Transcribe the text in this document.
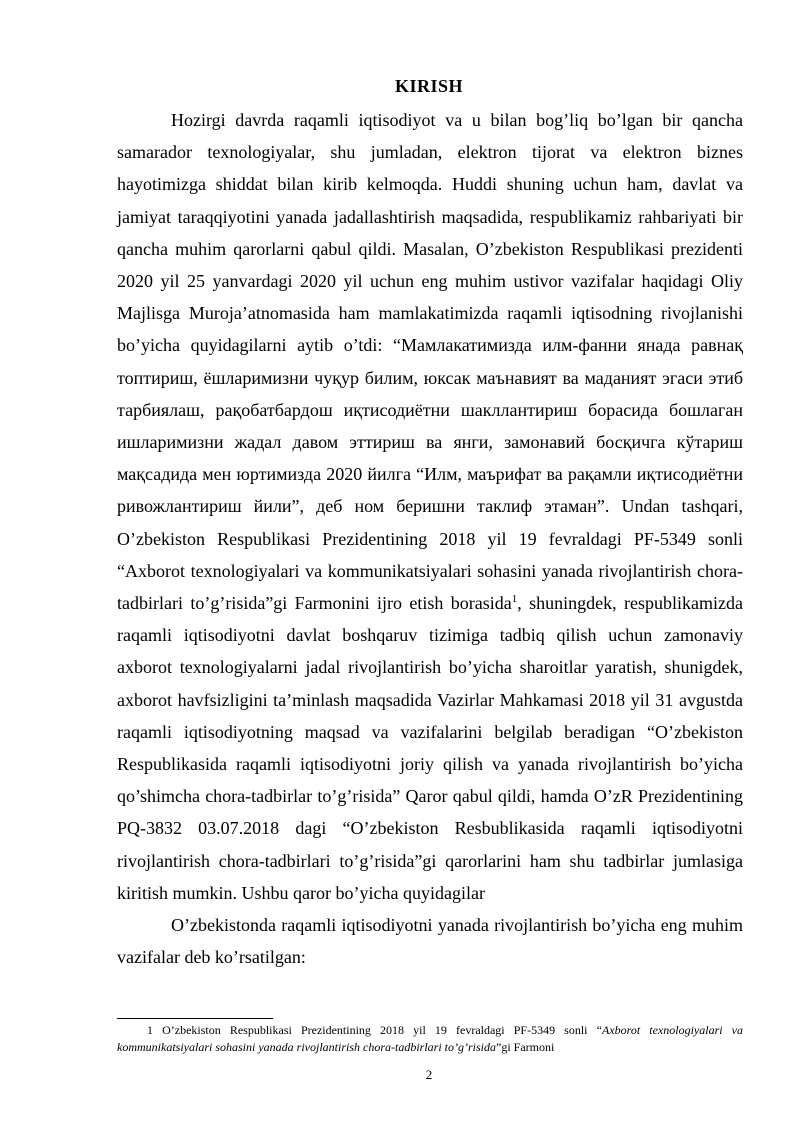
KIRISH

Hozirgi davrda raqamli iqtisodiyot va u bilan bog’liq bo’lgan bir qancha samarador texnologiyalar, shu jumladan, elektron tijorat va elektron biznes hayotimizga shiddat bilan kirib kelmoqda. Huddi shuning uchun ham, davlat va jamiyat taraqqiyotini yanada jadallashtirish maqsadida, respublikamiz rahbariyati bir qancha muhim qarorlarni qabul qildi. Masalan, O’zbekiston Respublikasi prezidenti 2020 yil 25 yanvardagi 2020 yil uchun eng muhim ustivor vazifalar haqidagi Oliy Majlisga Muroja’atnomasida ham mamlakatimizda raqamli iqtisodning rivojlanishi bo’yicha quyidagilarni aytib o’tdi: “Мамлакатимизда илм-фанни янада равнақ топтириш, ёшларимизни чуқур билим, юксак маънавият ва маданият эгаси этиб тарбиялаш, рақобатбардош иқтисодиётни шакллантириш борасида бошлаган ишларимизни жадал давом эттириш ва янги, замонавий босқичга кўтариш мақсадида мен юртимизда 2020 йилга “Илм, маърифат ва рақамли иқтисодиётни ривожлантириш йили”, деб ном беришни таклиф этаман”. Undan tashqari, O’zbekiston Respublikasi Prezidentining 2018 yil 19 fevraldagi PF-5349 sonli “Axborot texnologiyalari va kommunikatsiyalari sohasini yanada rivojlantirish chora-tadbirlari to’g’risida”gi Farmonini ijro etish borasida$^1$, shuningdek, respublikamizda raqamli iqtisodiyotni davlat boshqaruv tizimiga tadbiq qilish uchun zamonaviy axborot texnologiyalarni jadal rivojlantirish bo’yicha sharoitlar yaratish, shunigdek, axborot havfsizligini ta’minlash maqsadida Vazirlar Mahkamasi 2018 yil 31 avgustda raqamli iqtisodiyotning maqsad va vazifalarini belgilab beradigan “O’zbekiston Respublikasida raqamli iqtisodiyotni joriy qilish va yanada rivojlantirish bo’yicha qo’shimcha chora-tadbirlar to’g’risida” Qaror qabul qildi, hamda O’zR Prezidentining PQ-3832 03.07.2018 dagi “O’zbekiston Resbublikasida raqamli iqtisodiyotni rivojlantirish chora-tadbirlari to’g’risida”gi qarorlarini ham shu tadbirlar jumlasiga kiritish mumkin. Ushbu qaror bo’yicha quyidagilar

O’zbekistonda raqamli iqtisodiyotni yanada rivojlantirish bo’yicha eng muhim vazifalar deb ko’rsatilgan:

1 O’zbekiston Respublikasi Prezidentining 2018 yil 19 fevraldagi PF-5349 sonli “Axborot texnologiyalari va kommunikatsiyalari sohasini yanada rivojlantirish chora-tadbirlari to’g’risida”gi Farmoni

2
